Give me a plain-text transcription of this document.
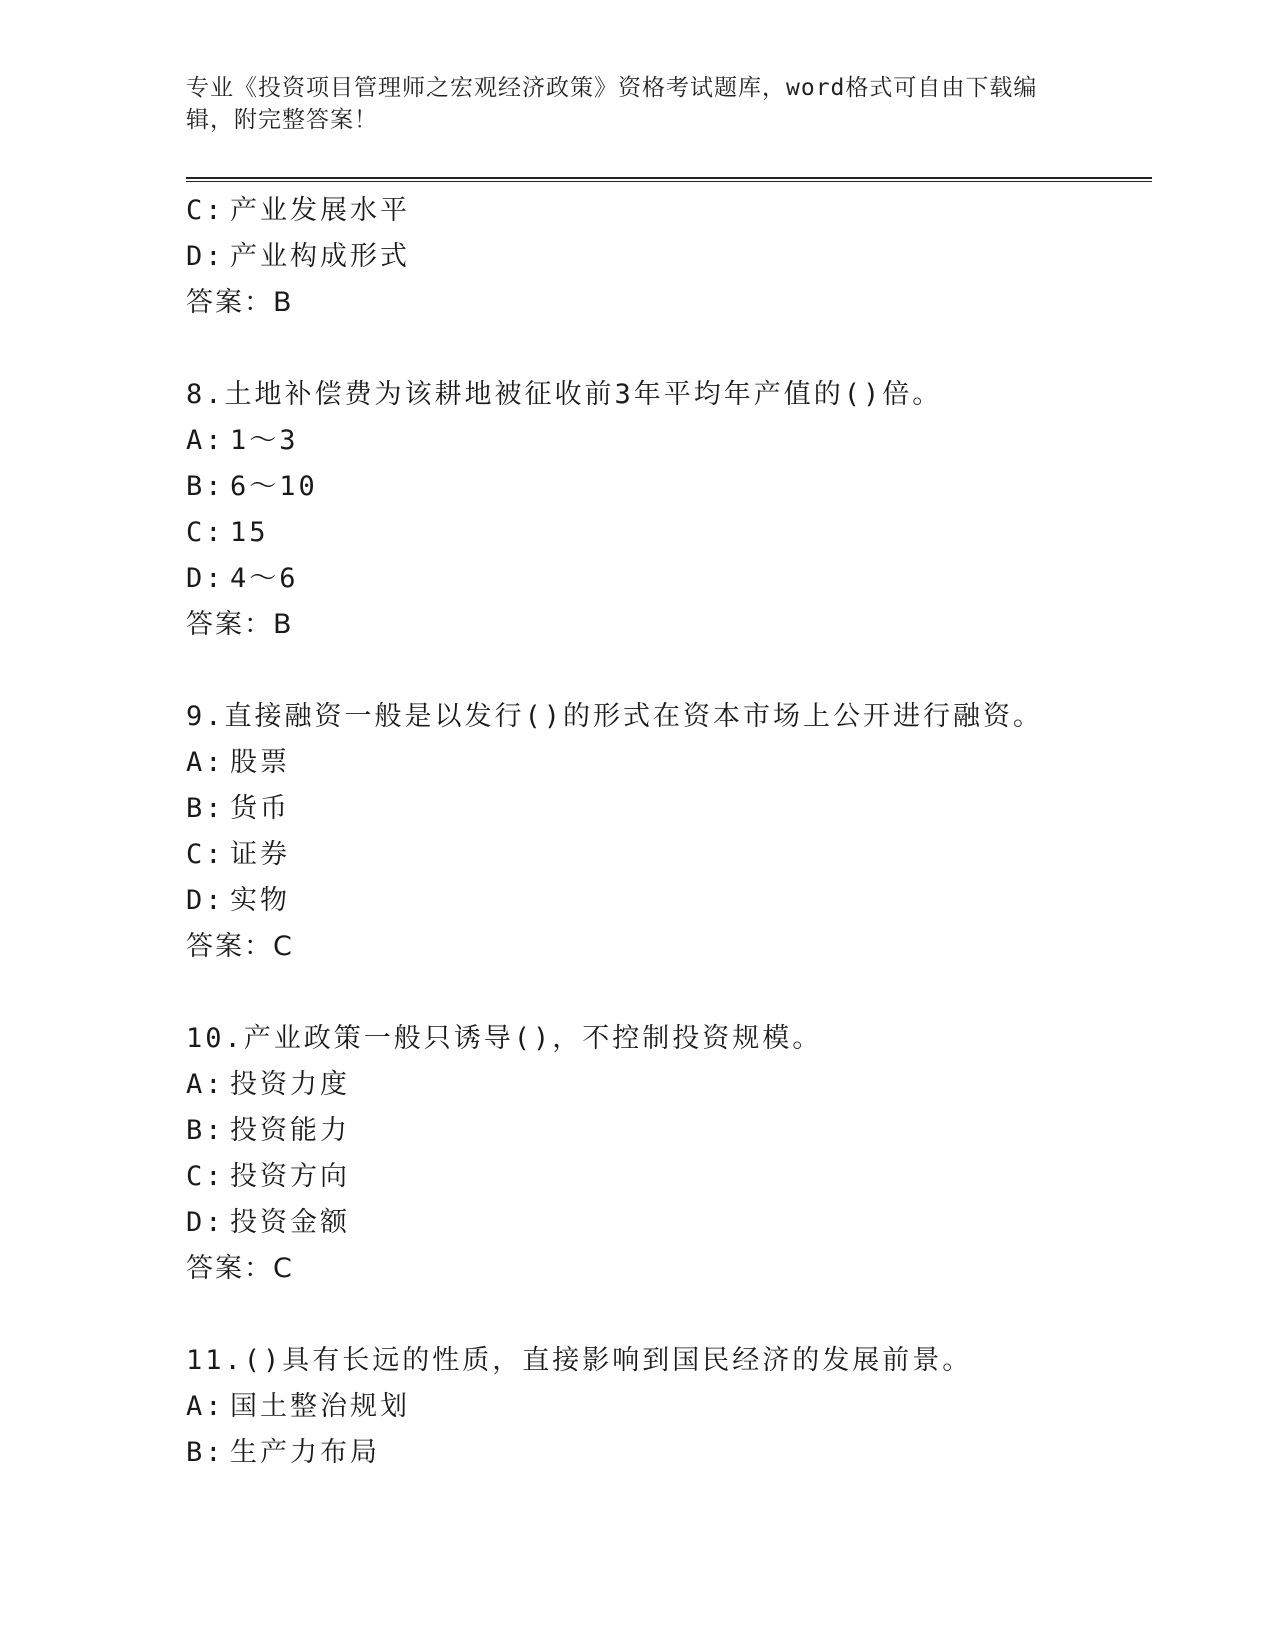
专业《投资项目管理师之宏观经济政策》资格考试题库，word格式可自由下载编
辑，附完整答案！
C: 产业发展水平
D: 产业构成形式
答案：B
8.土地补偿费为该耕地被征收前3年平均年产值的()倍。
A: 1～3
B: 6～10
C: 15
D: 4～6
答案：B
9.直接融资一般是以发行()的形式在资本市场上公开进行融资。
A: 股票
B: 货币
C: 证券
D: 实物
答案：C
10.产业政策一般只诱导()，不控制投资规模。
A: 投资力度
B: 投资能力
C: 投资方向
D: 投资金额
答案：C
11.()具有长远的性质，直接影响到国民经济的发展前景。
A: 国土整治规划
B: 生产力布局
